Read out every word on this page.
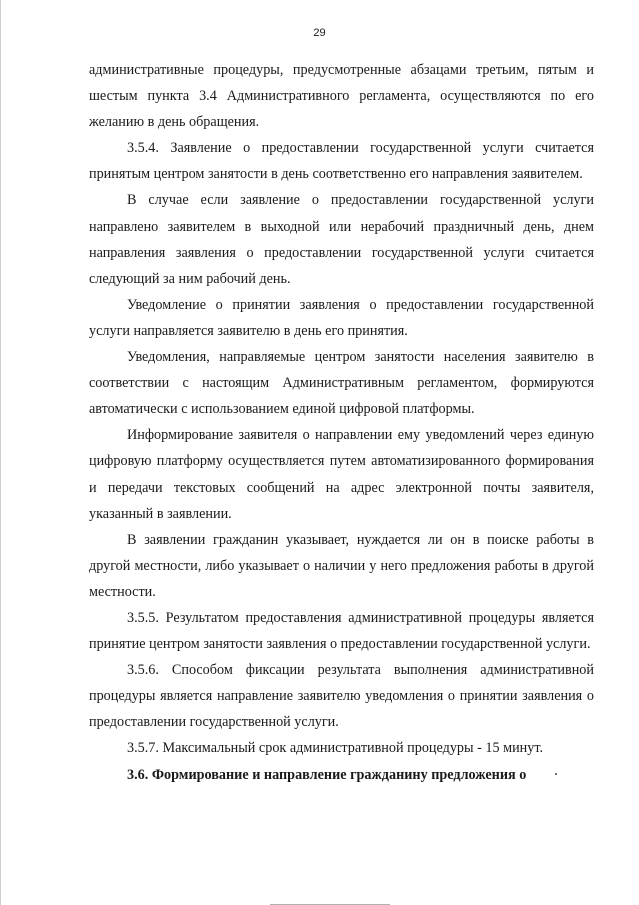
29

административные процедуры, предусмотренные абзацами третьим, пятым и шестым пункта 3.4 Административного регламента, осуществляются по его желанию в день обращения.

3.5.4. Заявление о предоставлении государственной услуги считается принятым центром занятости в день соответственно его направления заявителем.

В случае если заявление о предоставлении государственной услуги направлено заявителем в выходной или нерабочий праздничный день, днем направления заявления о предоставлении государственной услуги считается следующий за ним рабочий день.

Уведомление о принятии заявления о предоставлении государственной услуги направляется заявителю в день его принятия.

Уведомления, направляемые центром занятости населения заявителю в соответствии с настоящим Административным регламентом, формируются автоматически с использованием единой цифровой платформы.

Информирование заявителя о направлении ему уведомлений через единую цифровую платформу осуществляется путем автоматизированного формирования и передачи текстовых сообщений на адрес электронной почты заявителя, указанный в заявлении.

В заявлении гражданин указывает, нуждается ли он в поиске работы в другой местности, либо указывает о наличии у него предложения работы в другой местности.

3.5.5. Результатом предоставления административной процедуры является принятие центром занятости заявления о предоставлении государственной услуги.

3.5.6. Способом фиксации результата выполнения административной процедуры является направление заявителю уведомления о принятии заявления о предоставлении государственной услуги.

3.5.7. Максимальный срок административной процедуры - 15 минут.

3.6. Формирование и направление гражданину предложения о
